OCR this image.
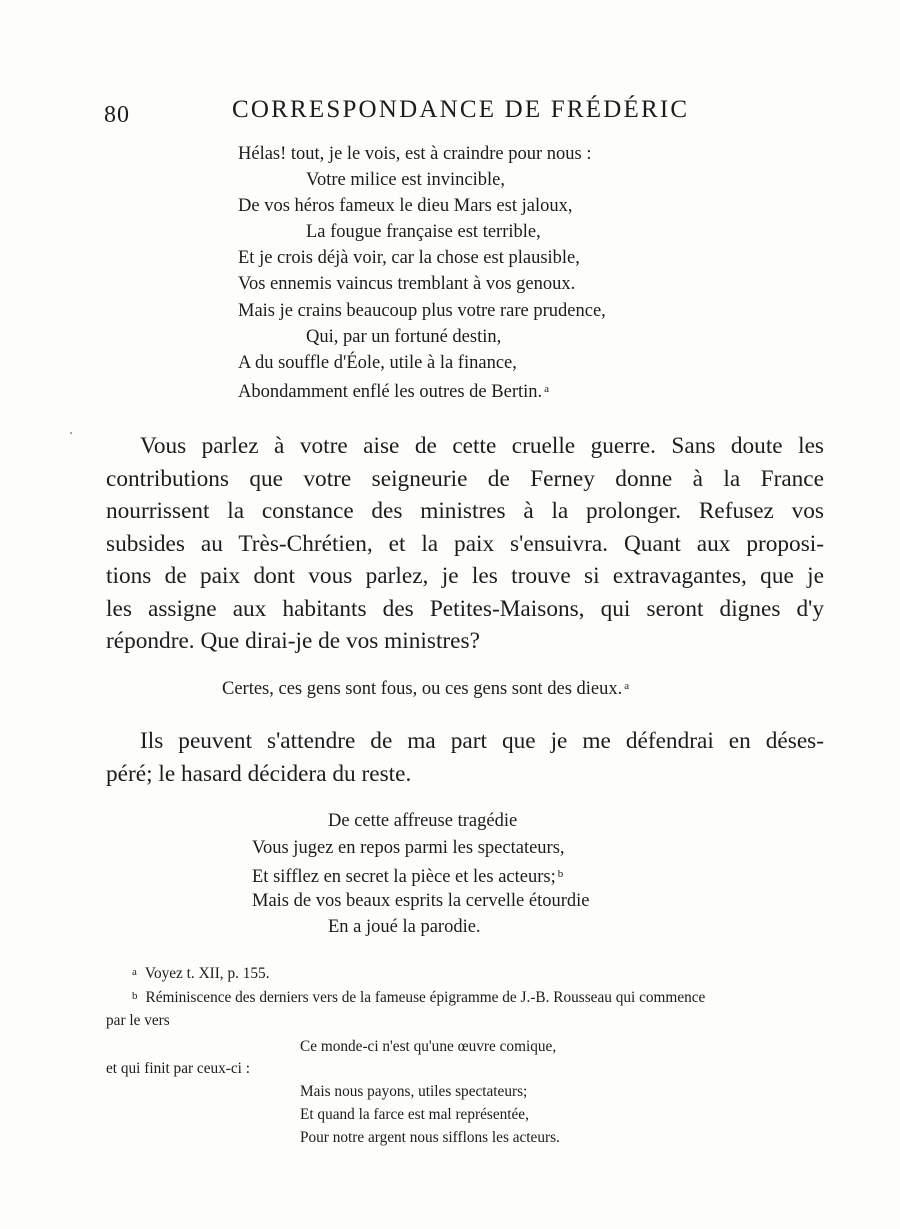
80	CORRESPONDANCE DE FRÉDÉRIC
Hélas! tout, je le vois, est à craindre pour nous :
Votre milice est invincible,
De vos héros fameux le dieu Mars est jaloux,
La fougue française est terrible,
Et je crois déjà voir, car la chose est plausible,
Vos ennemis vaincus tremblant à vos genoux.
Mais je crains beaucoup plus votre rare prudence,
Qui, par un fortuné destin,
A du souffle d'Éole, utile à la finance,
Abondamment enflé les outres de Bertin. $^a$

Vous parlez à votre aise de cette cruelle guerre. Sans doute les
contributions que votre seigneurie de Ferney donne à la France
nourrissent la constance des ministres à la prolonger. Refusez vos
subsides au Très-Chrétien, et la paix s'ensuivra. Quant aux proposi-
tions de paix dont vous parlez, je les trouve si extravagantes, que je
les assigne aux habitants des Petites-Maisons, qui seront dignes d'y
répondre. Que dirai-je de vos ministres?

Certes, ces gens sont fous, ou ces gens sont des dieux. $^a$

Ils peuvent s'attendre de ma part que je me défendrai en déses-
péré; le hasard décidera du reste.

De cette affreuse tragédie
Vous jugez en repos parmi les spectateurs,
Et sifflez en secret la pièce et les acteurs; $^b$
Mais de vos beaux esprits la cervelle étourdie
En a joué la parodie.
a Voyez t. XII, p. 155.
b Réminiscence des derniers vers de la fameuse épigramme de J.-B. Rousseau qui commence
par le vers
Ce monde-ci n'est qu'une œuvre comique,
et qui finit par ceux-ci :
Mais nous payons, utiles spectateurs;
Et quand la farce est mal représentée,
Pour notre argent nous sifflons les acteurs.
